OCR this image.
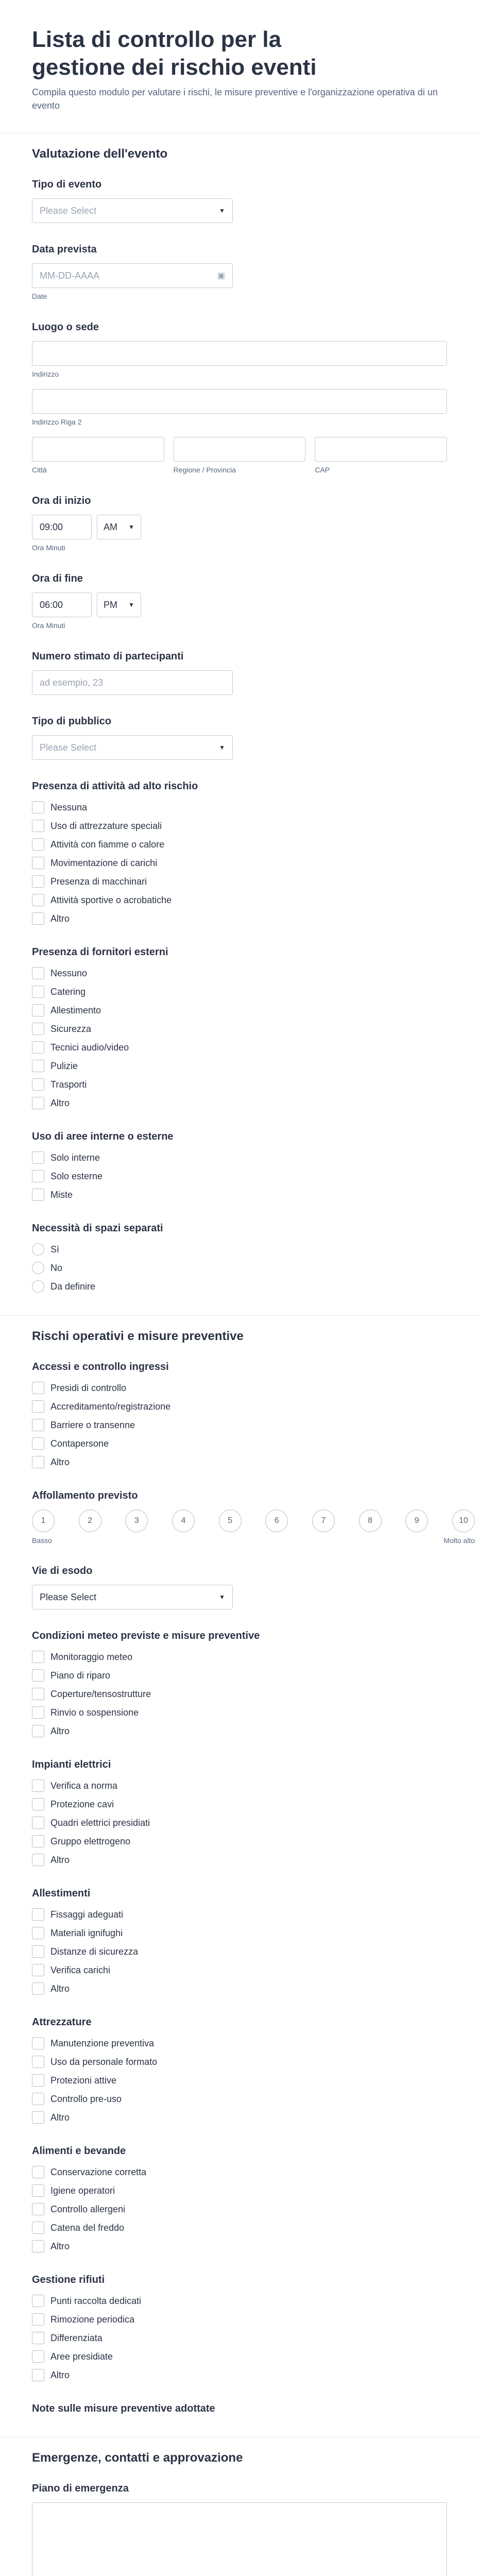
Lista di controllo per la gestione dei rischio eventi

Compila questo modulo per valutare i rischi, le misure preventive e l'organizzazione operativa di un evento

Valutazione dell'evento
Tipo di evento
Please Select	▼
Data prevista
MM-DD-AAAA	▣
Date
Luogo o sede
Indirizzo
Indirizzo Riga 2
Città	Regione / Provincia	CAP
Ora di inizio
09:00	AM ▼
Ora Minuti
Ora di fine
06:00	PM ▼
Ora Minuti
Numero stimato di partecipanti
ad esempio, 23
Tipo di pubblico
Please Select	▼
Presenza di attività ad alto rischio
Nessuna
Uso di attrezzature speciali
Attività con fiamme o calore
Movimentazione di carichi
Presenza di macchinari
Attività sportive o acrobatiche
Altro
Presenza di fornitori esterni
Nessuno
Catering
Allestimento
Sicurezza
Tecnici audio/video
Pulizie
Trasporti
Altro
Uso di aree interne o esterne
Solo interne
Solo esterne
Miste
Necessità di spazi separati
Sì
No
Da definire
Rischi operativi e misure preventive
Accessi e controllo ingressi
Presidi di controllo
Accreditamento/registrazione
Barriere o transenne
Contapersone
Altro
Affollamento previsto
1	2	3	4	5	6	7	8	9	10
Basso	Molto alto
Vie di esodo
Please Select	▼
Condizioni meteo previste e misure preventive
Monitoraggio meteo
Piano di riparo
Coperture/tensostrutture
Rinvio o sospensione
Altro
Impianti elettrici
Verifica a norma
Protezione cavi
Quadri elettrici presidiati
Gruppo elettrogeno
Altro
Allestimenti
Fissaggi adeguati
Materiali ignifughi
Distanze di sicurezza
Verifica carichi
Altro
Attrezzature
Manutenzione preventiva
Uso da personale formato
Protezioni attive
Controllo pre-uso
Altro
Alimenti e bevande
Conservazione corretta
Igiene operatori
Controllo allergeni
Catena del freddo
Altro
Gestione rifiuti
Punti raccolta dedicati
Rimozione periodica
Differenziata
Aree presidiate
Altro
Note sulle misure preventive adottate
Emergenze, contatti e approvazione
Piano di emergenza
